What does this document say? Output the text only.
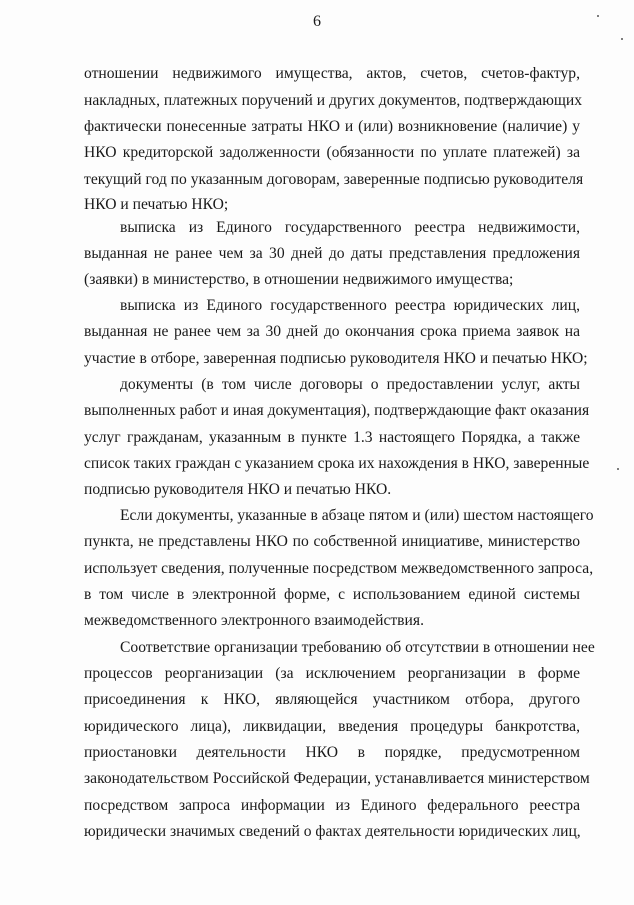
6
отношении недвижимого имущества, актов, счетов, счетов-фактур,
накладных, платежных поручений и других документов, подтверждающих
фактически понесенные затраты НКО и (или) возникновение (наличие) у
НКО кредиторской задолженности (обязанности по уплате платежей) за
текущий год по указанным договорам, заверенные подписью руководителя
НКО и печатью НКО;
выписка из Единого государственного реестра недвижимости,
выданная не ранее чем за 30 дней до даты представления предложения
(заявки) в министерство, в отношении недвижимого имущества;
выписка из Единого государственного реестра юридических лиц,
выданная не ранее чем за 30 дней до окончания срока приема заявок на
участие в отборе, заверенная подписью руководителя НКО и печатью НКО;
документы (в том числе договоры о предоставлении услуг, акты
выполненных работ и иная документация), подтверждающие факт оказания
услуг гражданам, указанным в пункте 1.3 настоящего Порядка, а также
список таких граждан с указанием срока их нахождения в НКО, заверенные
подписью руководителя НКО и печатью НКО.
Если документы, указанные в абзаце пятом и (или) шестом настоящего
пункта, не представлены НКО по собственной инициативе, министерство
использует сведения, полученные посредством межведомственного запроса,
в том числе в электронной форме, с использованием единой системы
межведомственного электронного взаимодействия.
Соответствие организации требованию об отсутствии в отношении нее
процессов реорганизации (за исключением реорганизации в форме
присоединения к НКО, являющейся участником отбора, другого
юридического лица), ликвидации, введения процедуры банкротства,
приостановки деятельности НКО в порядке, предусмотренном
законодательством Российской Федерации, устанавливается министерством
посредством запроса информации из Единого федерального реестра
юридически значимых сведений о фактах деятельности юридических лиц,
